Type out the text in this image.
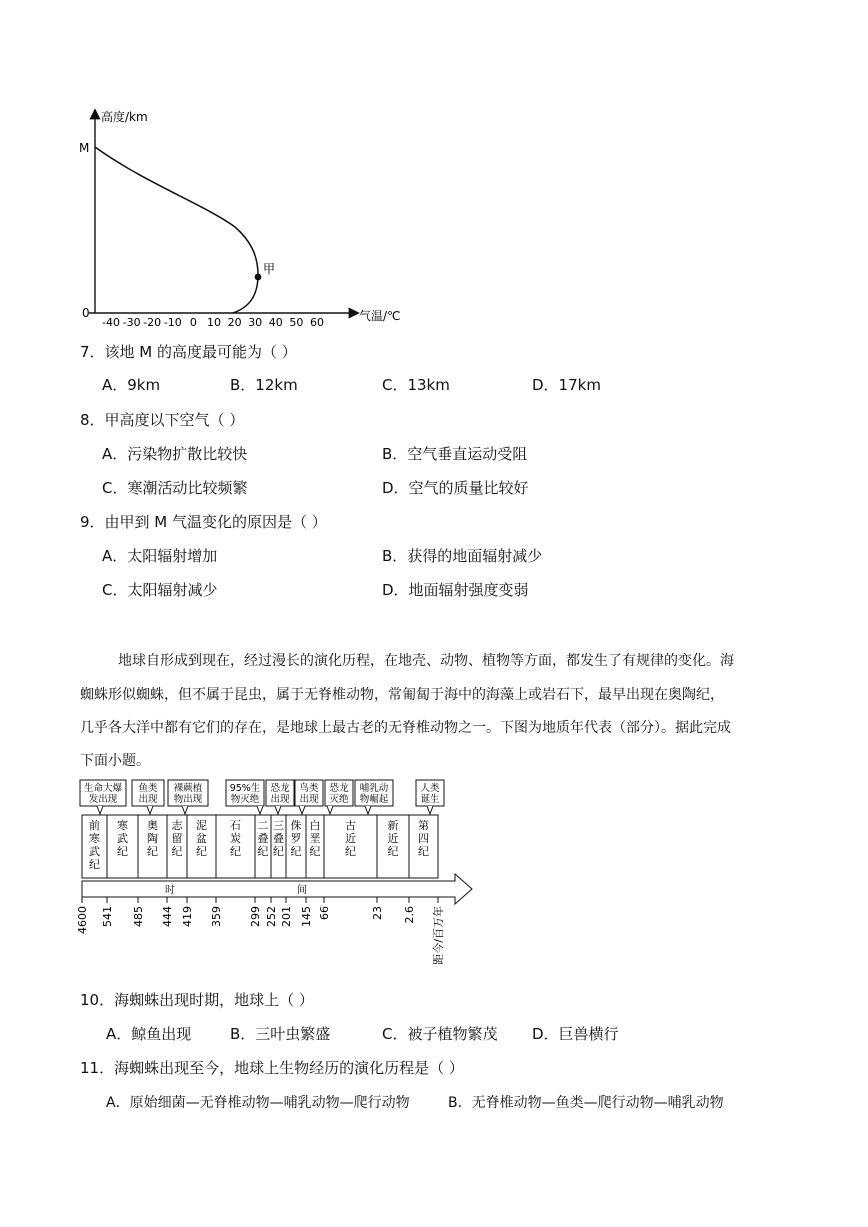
高度/km
气温/℃
M
0
甲
-40 -30 -20 -10 0 10 20 30 40 50 60
7．该地 M 的高度最可能为（ ）
A．9km	B．12km	C．13km	D．17km
8．甲高度以下空气（ ）
A．污染物扩散比较快	B．空气垂直运动受阻
C．寒潮活动比较频繁	D．空气的质量比较好
9．由甲到 M 气温变化的原因是（ ）
A．太阳辐射增加	B．获得的地面辐射减少
C．太阳辐射减少	D．地面辐射强度变弱
地球自形成到现在，经过漫长的演化历程，在地壳、动物、植物等方面，都发生了有规律的变化。海
蜘蛛形似蜘蛛，但不属于昆虫，属于无脊椎动物，常匍匐于海中的海藻上或岩石下，最早出现在奥陶纪，
几乎各大洋中都有它们的存在，是地球上最古老的无脊椎动物之一。下图为地质年代表（部分）。据此完成
下面小题。
前寒武纪
寒武纪
奥陶纪
志留纪
泥盆纪
石炭纪
二叠纪
三叠纪
侏罗纪
白垩纪
古近纪
新近纪
第四纪
生命大爆发出现
鱼类出现
裸蕨植物出现
95%生物灭绝
恐龙出现
鸟类出现
恐龙灭绝
哺乳动物崛起
人类诞生
时	间
4600 541 485 444 419 359 299 252 201 145 66	23 2.6 距今/百万年
10．海蜘蛛出现时期，地球上（ ）
A．鲸鱼出现	B．三叶虫繁盛	C．被子植物繁茂 D．巨兽横行
11．海蜘蛛出现至今，地球上生物经历的演化历程是（ ）
A．原始细菌—无脊椎动物—哺乳动物—爬行动物	B．无脊椎动物—鱼类—爬行动物—哺乳动物
